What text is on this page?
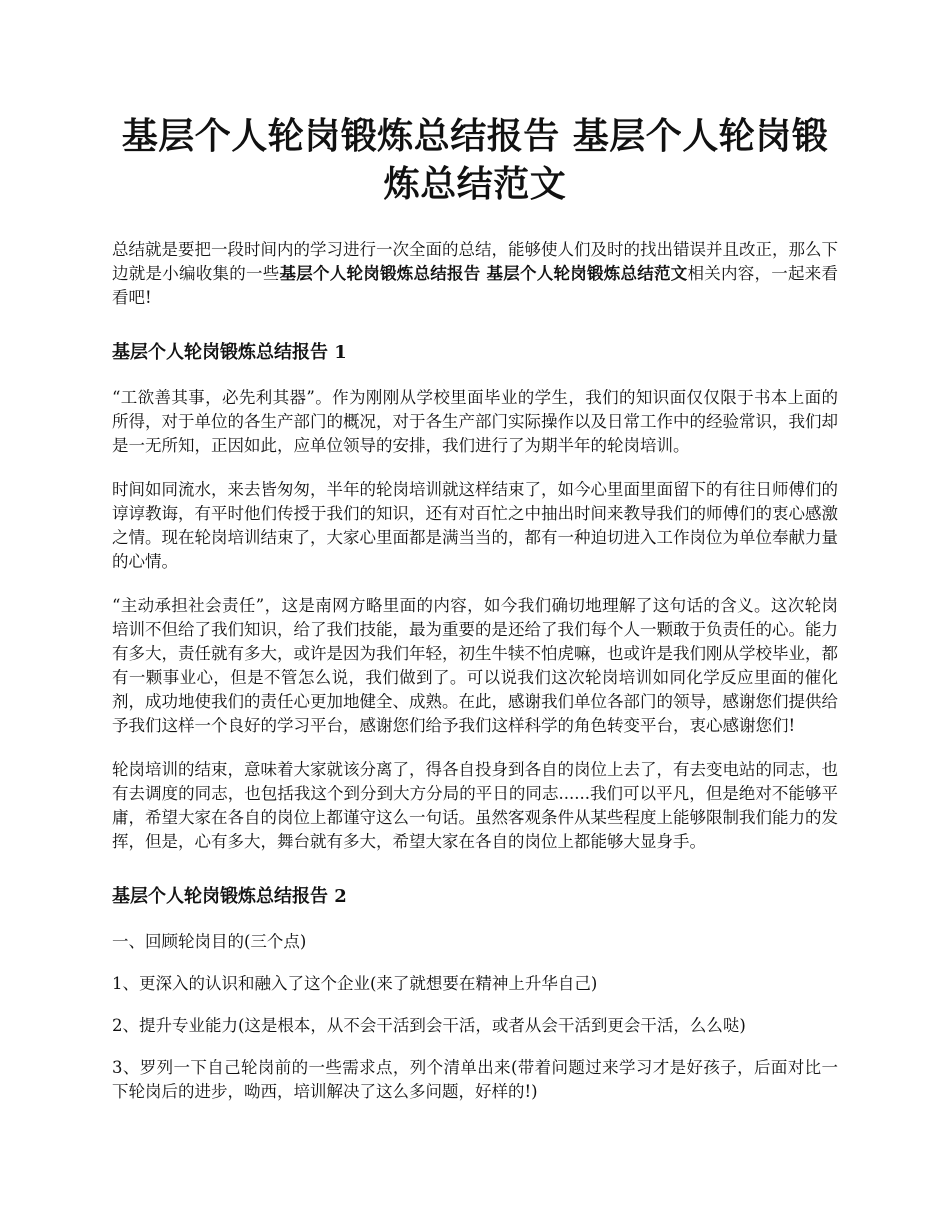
基层个人轮岗锻炼总结报告 基层个人轮岗锻炼总结范文

总结就是要把一段时间内的学习进行一次全面的总结，能够使人们及时的找出错误并且改正，那么下边就是小编收集的一些基层个人轮岗锻炼总结报告 基层个人轮岗锻炼总结范文相关内容，一起来看看吧!

基层个人轮岗锻炼总结报告 1

“工欲善其事，必先利其器”。作为刚刚从学校里面毕业的学生，我们的知识面仅仅限于书本上面的所得，对于单位的各生产部门的概况，对于各生产部门实际操作以及日常工作中的经验常识，我们却是一无所知，正因如此，应单位领导的安排，我们进行了为期半年的轮岗培训。

时间如同流水，来去皆匆匆，半年的轮岗培训就这样结束了，如今心里面里面留下的有往日师傅们的谆谆教诲，有平时他们传授于我们的知识，还有对百忙之中抽出时间来教导我们的师傅们的衷心感激之情。现在轮岗培训结束了，大家心里面都是满当当的，都有一种迫切进入工作岗位为单位奉献力量的心情。

“主动承担社会责任”，这是南网方略里面的内容，如今我们确切地理解了这句话的含义。这次轮岗培训不但给了我们知识，给了我们技能，最为重要的是还给了我们每个人一颗敢于负责任的心。能力有多大，责任就有多大，或许是因为我们年轻，初生牛犊不怕虎嘛，也或许是我们刚从学校毕业，都有一颗事业心，但是不管怎么说，我们做到了。可以说我们这次轮岗培训如同化学反应里面的催化剂，成功地使我们的责任心更加地健全、成熟。在此，感谢我们单位各部门的领导，感谢您们提供给予我们这样一个良好的学习平台，感谢您们给予我们这样科学的角色转变平台，衷心感谢您们!

轮岗培训的结束，意味着大家就该分离了，得各自投身到各自的岗位上去了，有去变电站的同志，也有去调度的同志，也包括我这个到分到大方分局的平日的同志......我们可以平凡，但是绝对不能够平庸，希望大家在各自的岗位上都谨守这么一句话。虽然客观条件从某些程度上能够限制我们能力的发挥，但是，心有多大，舞台就有多大，希望大家在各自的岗位上都能够大显身手。

基层个人轮岗锻炼总结报告 2

一、回顾轮岗目的(三个点)

1、更深入的认识和融入了这个企业(来了就想要在精神上升华自己)

2、提升专业能力(这是根本，从不会干活到会干活，或者从会干活到更会干活，么么哒)

3、罗列一下自己轮岗前的一些需求点，列个清单出来(带着问题过来学习才是好孩子，后面对比一下轮岗后的进步，呦西，培训解决了这么多问题，好样的!)
